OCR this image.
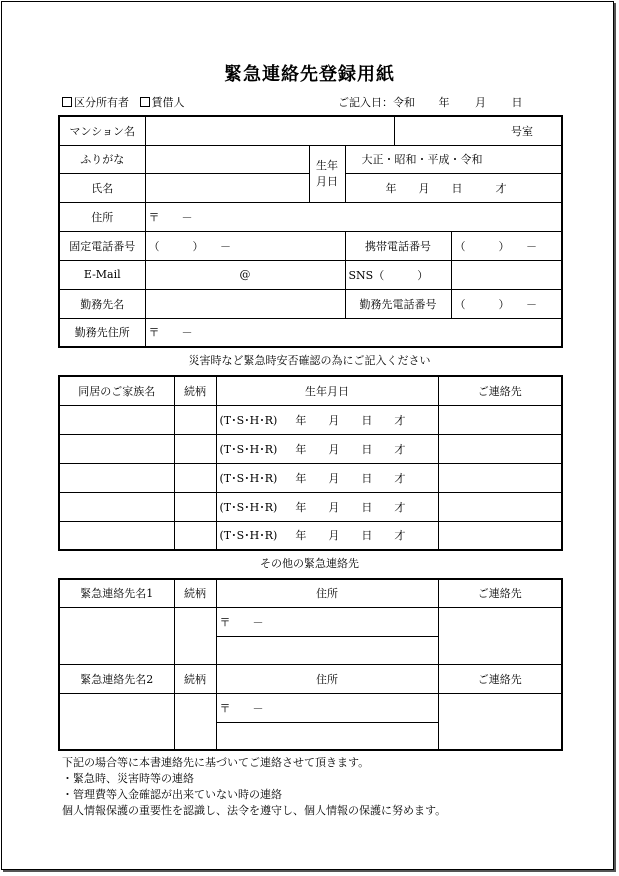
緊急連絡先登録用紙
区分所有者 賃借人	ご記入日：令和 年 月 日
マンション名				号室	
ふりがな		生年月日	大正・昭和・平成・令和		
氏名			年　　月　　日　　　才		
住所	〒　　－				
固定電話番号	（　　　）　　－		携帯電話番号		（　　　）　　－
E-Mail	@		SNS（　　　）		
勤務先名			勤務先電話番号		（　　　）　　－
勤務先住所	〒　　－				
災害時など緊急時安否確認の為にご記入ください
同居のご家族名	続柄	生年月日	ご連絡先
		(T･S･H･R) 年　　月　　日　　才	
		(T･S･H･R) 年　　月　　日　　才	
		(T･S･H･R) 年　　月　　日　　才	
		(T･S･H･R) 年　　月　　日　　才	
		(T･S･H･R) 年　　月　　日　　才	
その他の緊急連絡先
緊急連絡先名1	続柄	住所	ご連絡先
		〒　　－	

緊急連絡先名2	続柄	住所	ご連絡先
		〒　　－	

下記の場合等に本書連絡先に基づいてご連絡させて頂きます。
・緊急時、災害時等の連絡
・管理費等入金確認が出来ていない時の連絡
個人情報保護の重要性を認識し、法令を遵守し、個人情報の保護に努めます。
